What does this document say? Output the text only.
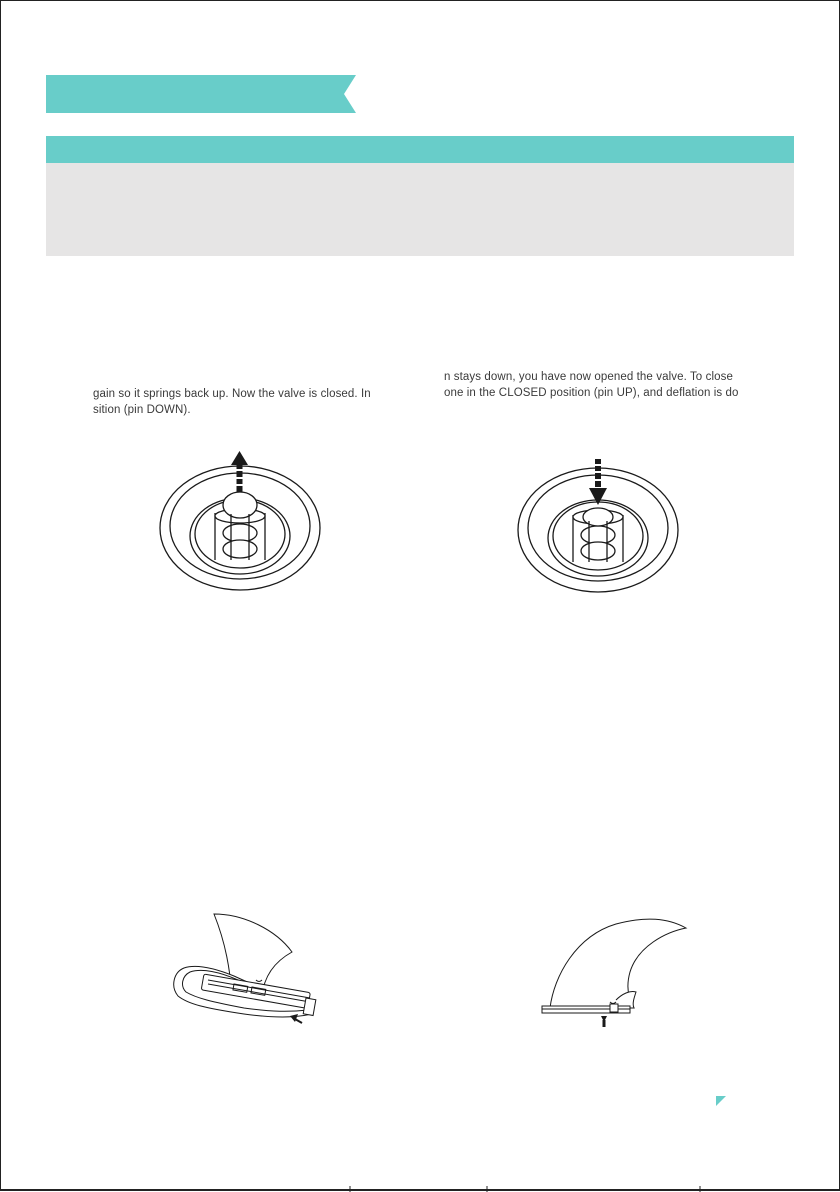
gain so it springs back up. Now the valve is closed. In
sition (pin DOWN).
n stays down, you have now opened the valve. To close
one in the CLOSED position (pin UP), and deflation is do
